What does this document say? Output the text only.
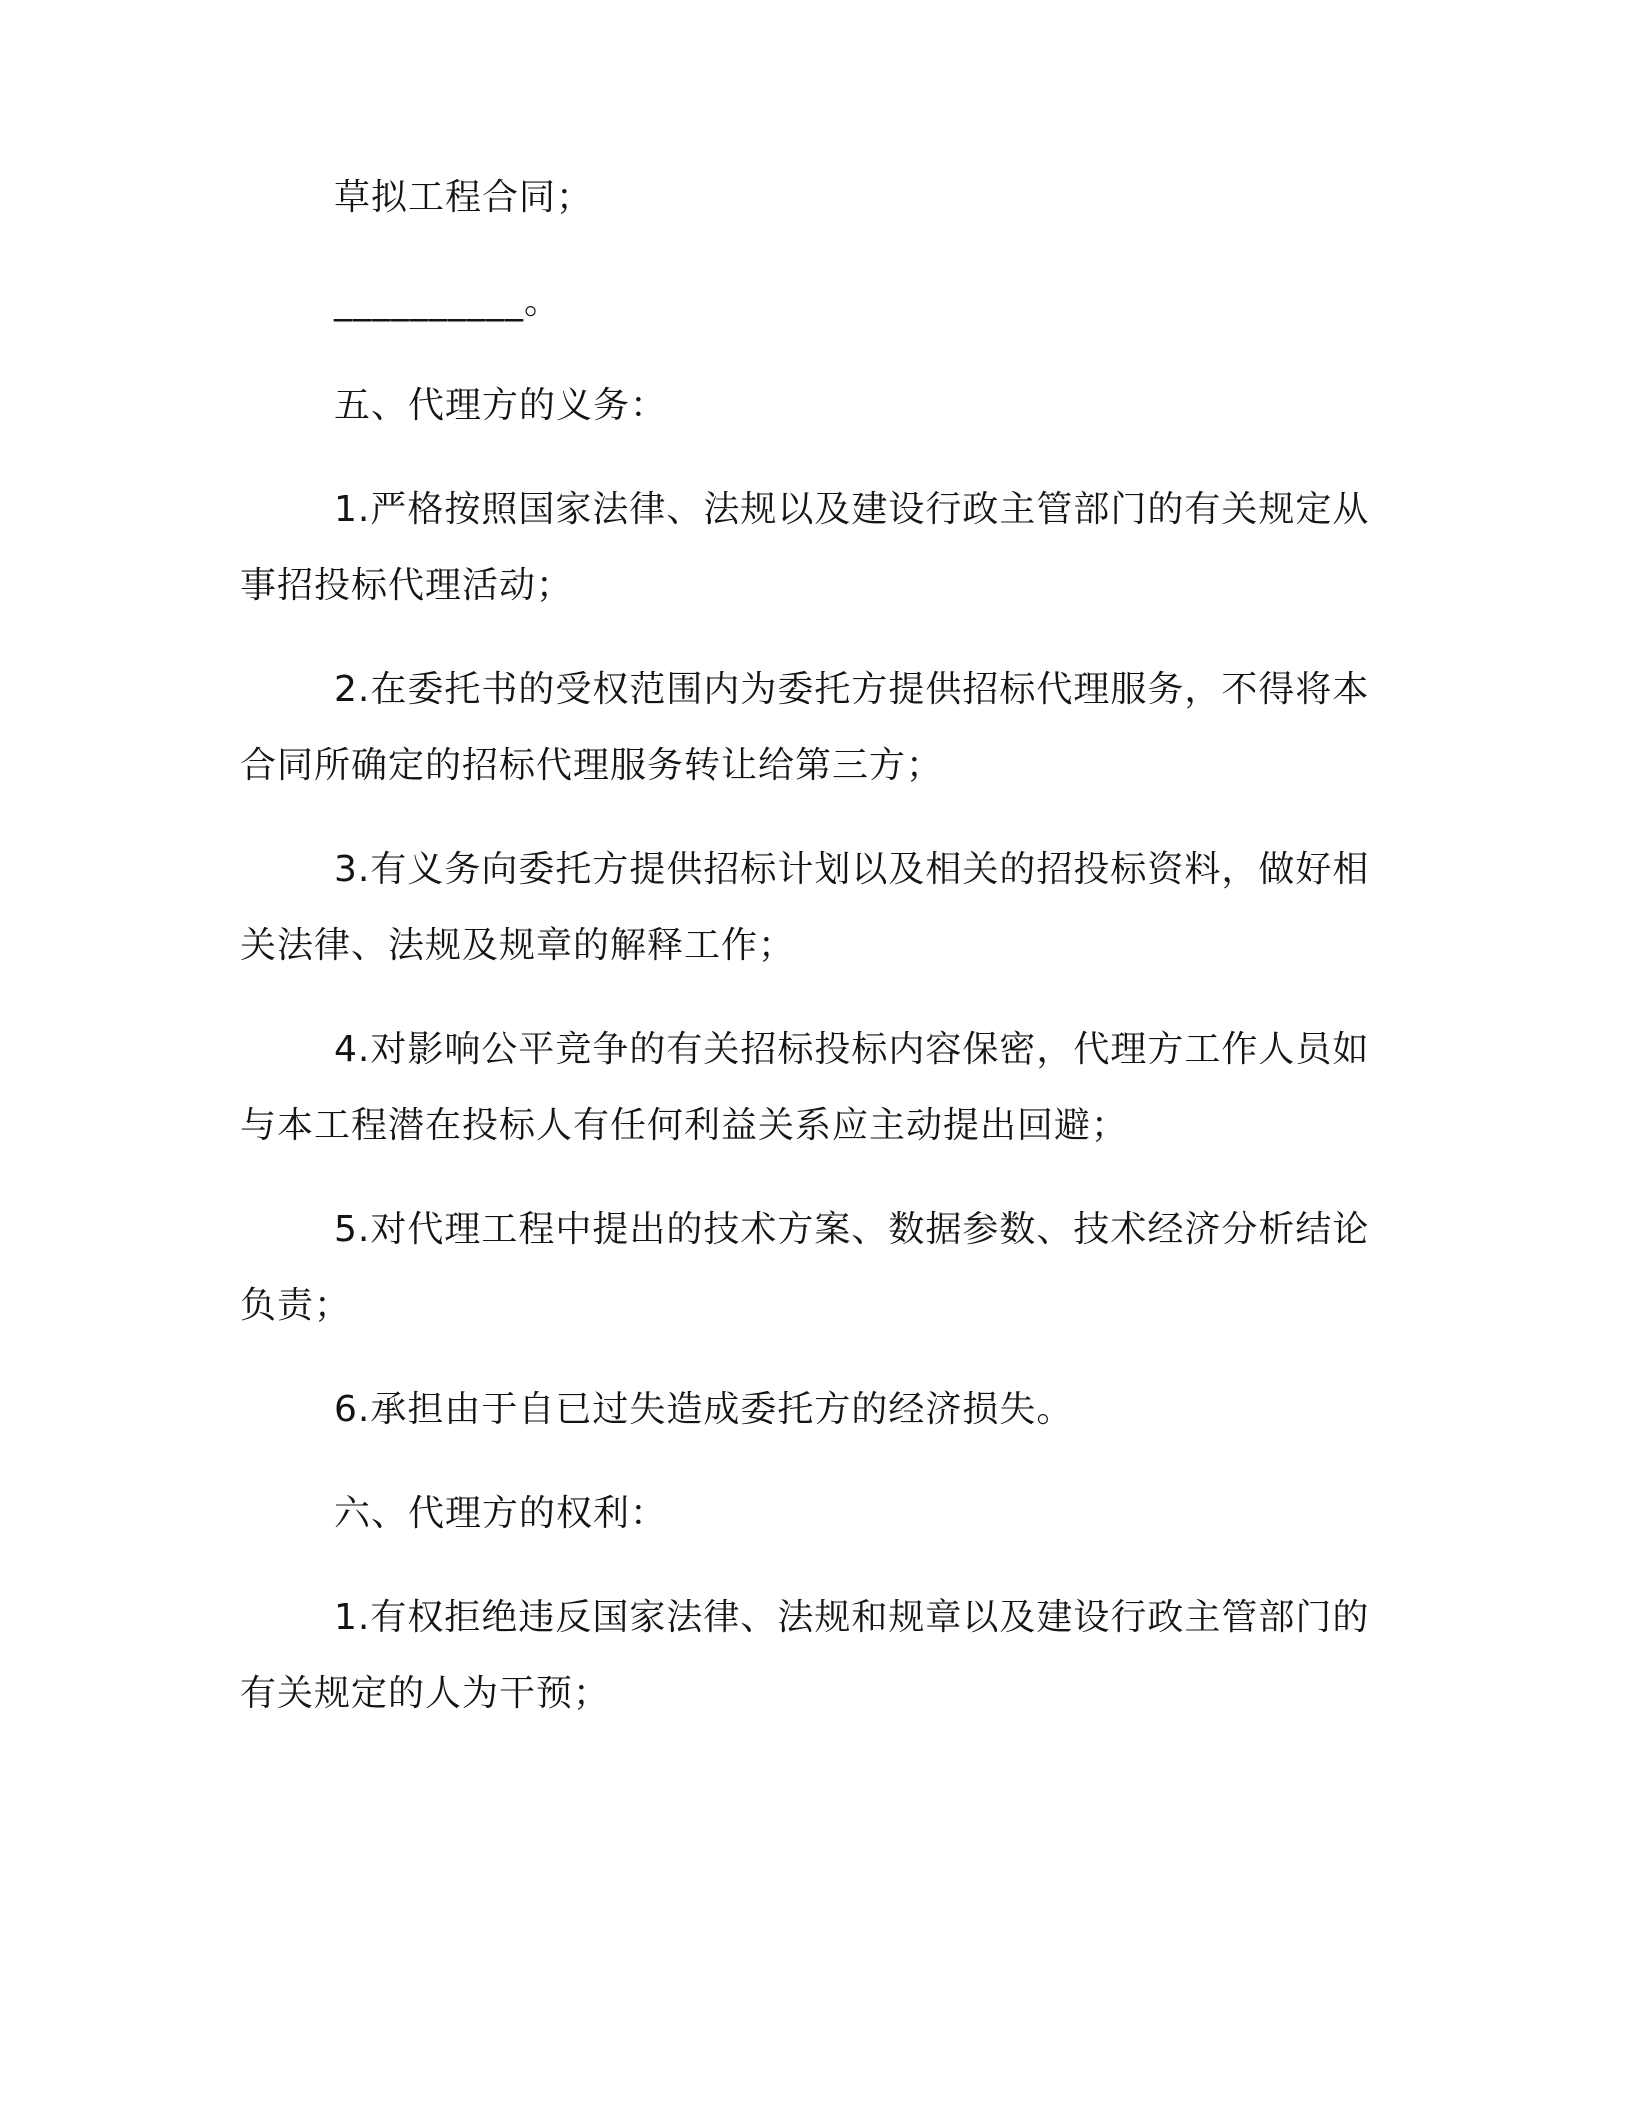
草拟工程合同；

__________。

五、代理方的义务：

1.严格按照国家法律、法规以及建设行政主管部门的有关规定从事招投标代理活动；

2.在委托书的受权范围内为委托方提供招标代理服务，不得将本合同所确定的招标代理服务转让给第三方；

3.有义务向委托方提供招标计划以及相关的招投标资料，做好相关法律、法规及规章的解释工作；

4.对影响公平竞争的有关招标投标内容保密，代理方工作人员如与本工程潜在投标人有任何利益关系应主动提出回避；

5.对代理工程中提出的技术方案、数据参数、技术经济分析结论负责；

6.承担由于自已过失造成委托方的经济损失。

六、代理方的权利：

1.有权拒绝违反国家法律、法规和规章以及建设行政主管部门的有关规定的人为干预；
